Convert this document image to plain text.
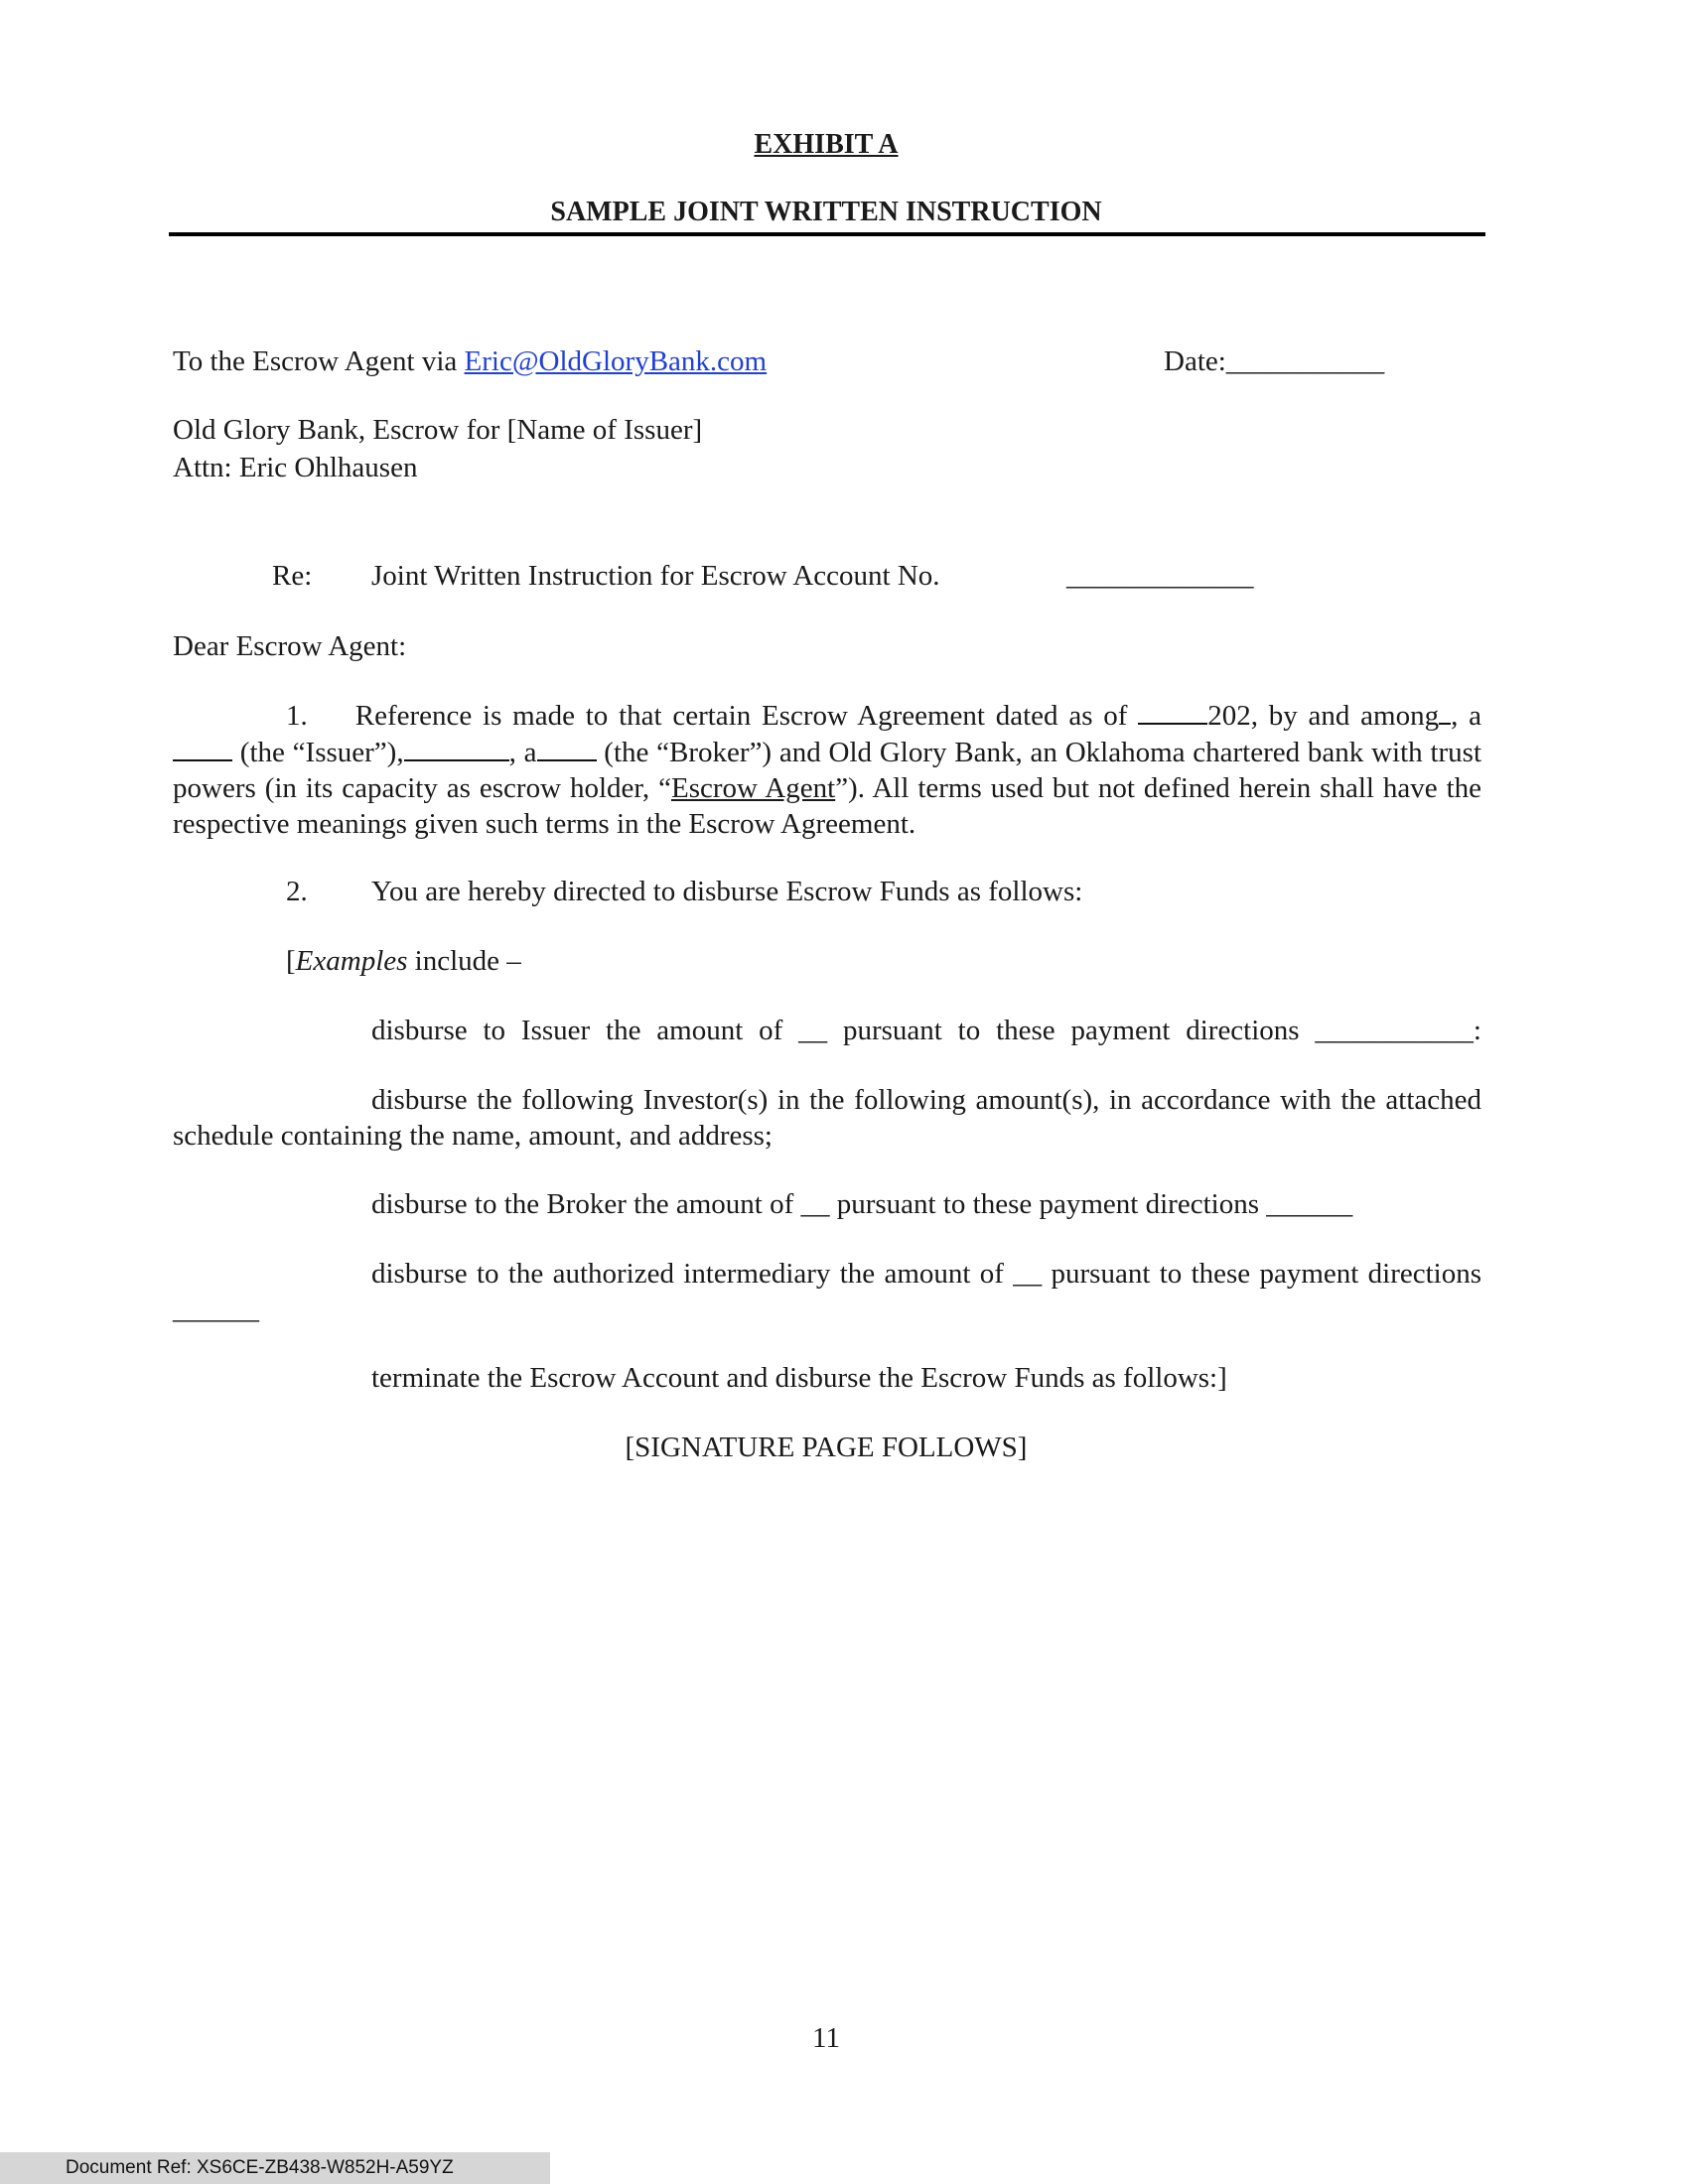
EXHIBIT A
SAMPLE JOINT WRITTEN INSTRUCTION
To the Escrow Agent via Eric@OldGloryBank.com	Date:___________
Old Glory Bank, Escrow for [Name of Issuer]
Attn: Eric Ohlhausen
Re: Joint Written Instruction for Escrow Account No.	_____________
Dear Escrow Agent:
1. Reference is made to that certain Escrow Agreement dated as of 202, by and among , a (the “Issuer”),	, a (the “Broker”) and Old Glory Bank, an Oklahoma chartered bank with trust powers (in its capacity as escrow holder, “Escrow Agent”). All terms used but not defined herein shall have the respective meanings given such terms in the Escrow Agreement.
2. You are hereby directed to disburse Escrow Funds as follows:
[Examples include –
disburse to Issuer the amount of __ pursuant to these payment directions ___________:
disburse the following Investor(s) in the following amount(s), in accordance with the attached schedule containing the name, amount, and address;
disburse to the Broker the amount of __ pursuant to these payment directions ______
disburse to the authorized intermediary the amount of __ pursuant to these payment directions ______
terminate the Escrow Account and disburse the Escrow Funds as follows:]
[SIGNATURE PAGE FOLLOWS]
11
Document Ref: XS6CE-ZB438-W852H-A59YZ
